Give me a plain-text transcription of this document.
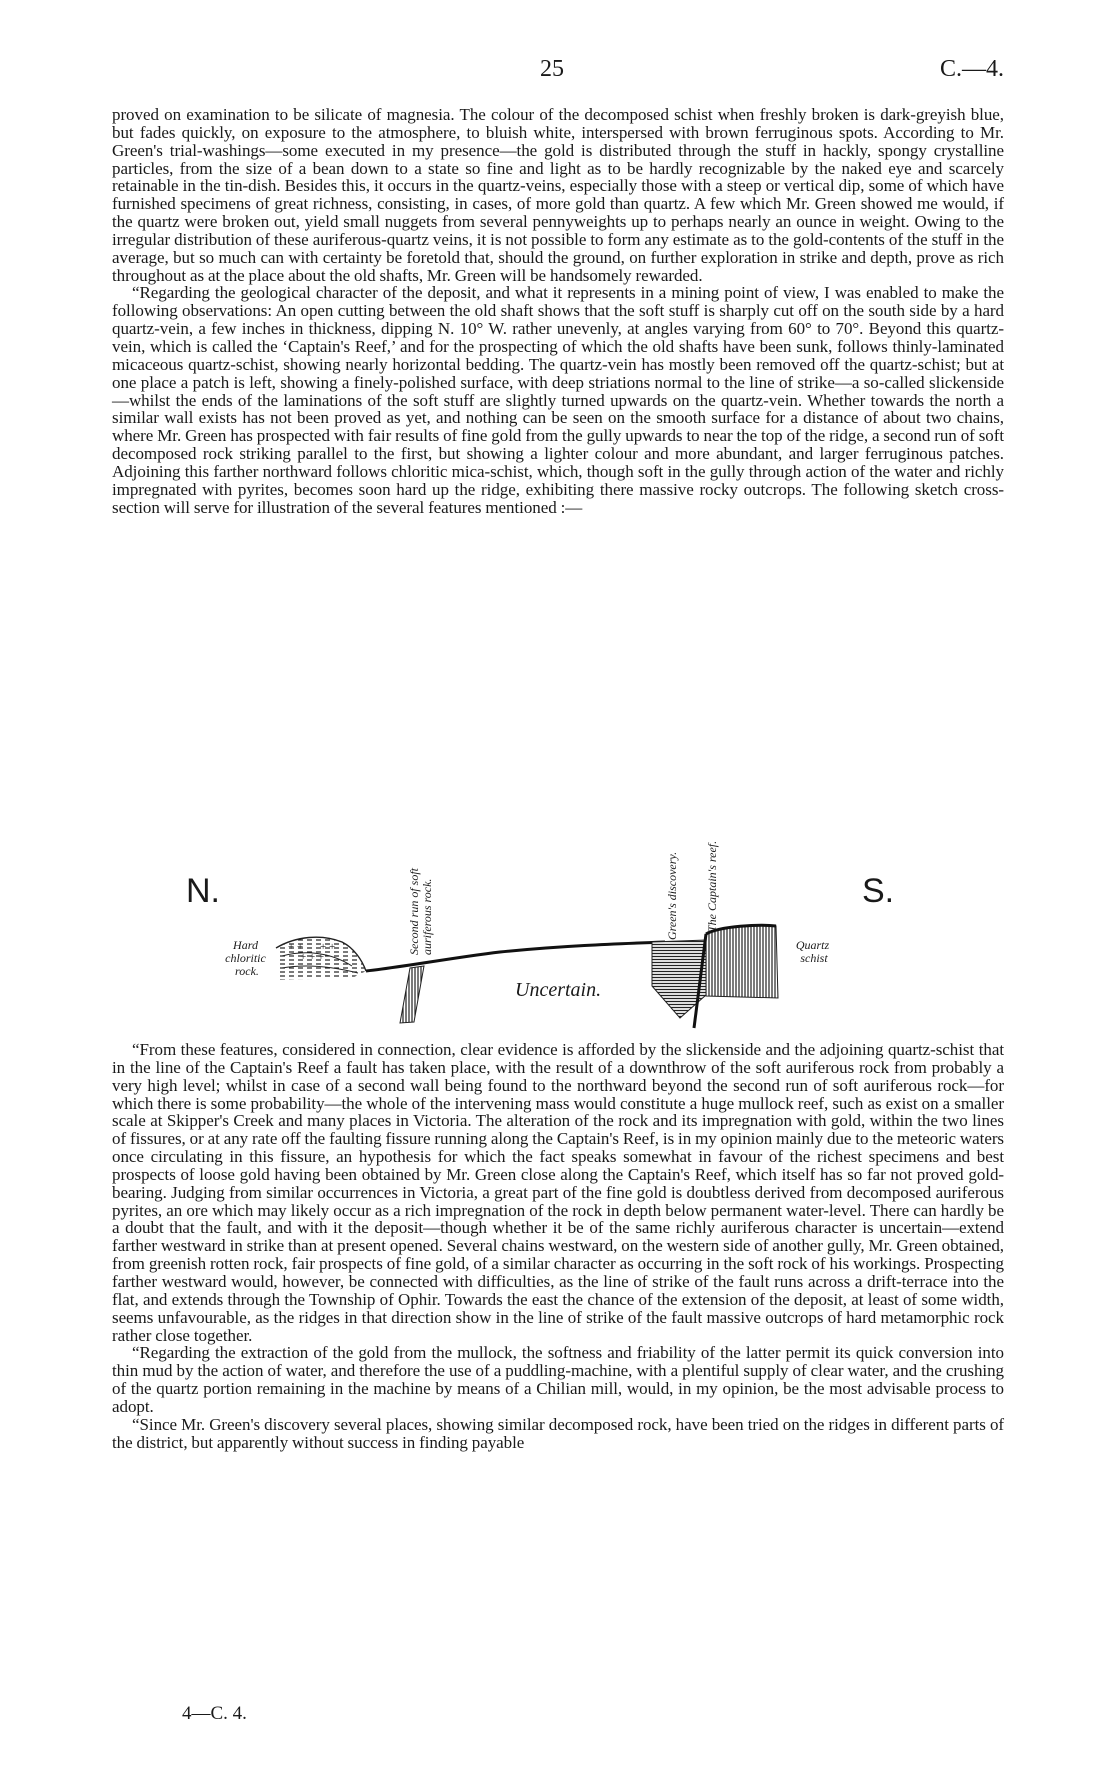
25	C.—4.

proved on examination to be silicate of magnesia. The colour of the decomposed schist when freshly broken is dark-greyish blue, but fades quickly, on exposure to the atmosphere, to bluish white, interspersed with brown ferruginous spots. According to Mr. Green's trial-washings—some executed in my presence—the gold is distributed through the stuff in hackly, spongy crystalline particles, from the size of a bean down to a state so fine and light as to be hardly recognizable by the naked eye and scarcely retainable in the tin-dish. Besides this, it occurs in the quartz-veins, especially those with a steep or vertical dip, some of which have furnished specimens of great richness, consisting, in cases, of more gold than quartz. A few which Mr. Green showed me would, if the quartz were broken out, yield small nuggets from several pennyweights up to perhaps nearly an ounce in weight. Owing to the irregular distribution of these auriferous-quartz veins, it is not possible to form any estimate as to the gold-contents of the stuff in the average, but so much can with certainty be foretold that, should the ground, on further exploration in strike and depth, prove as rich throughout as at the place about the old shafts, Mr. Green will be handsomely rewarded.

“Regarding the geological character of the deposit, and what it represents in a mining point of view, I was enabled to make the following observations: An open cutting between the old shaft shows that the soft stuff is sharply cut off on the south side by a hard quartz-vein, a few inches in thickness, dipping N. 10° W. rather unevenly, at angles varying from 60° to 70°. Beyond this quartz-vein, which is called the ‘Captain's Reef,’ and for the prospecting of which the old shafts have been sunk, follows thinly-laminated micaceous quartz-schist, showing nearly horizontal bedding. The quartz-vein has mostly been removed off the quartz-schist; but at one place a patch is left, showing a finely-polished surface, with deep striations normal to the line of strike—a so-called slickenside—whilst the ends of the laminations of the soft stuff are slightly turned upwards on the quartz-vein. Whether towards the north a similar wall exists has not been proved as yet, and nothing can be seen on the smooth surface for a distance of about two chains, where Mr. Green has prospected with fair results of fine gold from the gully upwards to near the top of the ridge, a second run of soft decomposed rock striking parallel to the first, but showing a lighter colour and more abundant, and larger ferruginous patches. Adjoining this farther northward follows chloritic mica-schist, which, though soft in the gully through action of the water and richly impregnated with pyrites, becomes soon hard up the ridge, exhibiting there massive rocky outcrops. The following sketch cross-section will serve for illustration of the several features mentioned :—

N.	S.
+ +
+ + +
+ +
Hard chloritic rock.
Second run of soft auriferous rock.	Green's discovery. The Captain's reef.
Quartz schist
Uncertain.

“From these features, considered in connection, clear evidence is afforded by the slickenside and the adjoining quartz-schist that in the line of the Captain's Reef a fault has taken place, with the result of a downthrow of the soft auriferous rock from probably a very high level; whilst in case of a second wall being found to the northward beyond the second run of soft auriferous rock—for which there is some probability—the whole of the intervening mass would constitute a huge mullock reef, such as exist on a smaller scale at Skipper's Creek and many places in Victoria. The alteration of the rock and its impregnation with gold, within the two lines of fissures, or at any rate off the faulting fissure running along the Captain's Reef, is in my opinion mainly due to the meteoric waters once circulating in this fissure, an hypothesis for which the fact speaks somewhat in favour of the richest specimens and best prospects of loose gold having been obtained by Mr. Green close along the Captain's Reef, which itself has so far not proved gold-bearing. Judging from similar occurrences in Victoria, a great part of the fine gold is doubtless derived from decomposed auriferous pyrites, an ore which may likely occur as a rich impregnation of the rock in depth below permanent water-level. There can hardly be a doubt that the fault, and with it the deposit—though whether it be of the same richly auriferous character is uncertain—extend farther westward in strike than at present opened. Several chains westward, on the western side of another gully, Mr. Green obtained, from greenish rotten rock, fair prospects of fine gold, of a similar character as occurring in the soft rock of his workings. Prospecting farther westward would, however, be connected with difficulties, as the line of strike of the fault runs across a drift-terrace into the flat, and extends through the Township of Ophir. Towards the east the chance of the extension of the deposit, at least of some width, seems unfavourable, as the ridges in that direction show in the line of strike of the fault massive outcrops of hard metamorphic rock rather close together.

“Regarding the extraction of the gold from the mullock, the softness and friability of the latter permit its quick conversion into thin mud by the action of water, and therefore the use of a puddling-machine, with a plentiful supply of clear water, and the crushing of the quartz portion remaining in the machine by means of a Chilian mill, would, in my opinion, be the most advisable process to adopt.

“Since Mr. Green's discovery several places, showing similar decomposed rock, have been tried on the ridges in different parts of the district, but apparently without success in finding payable

4—C. 4.
